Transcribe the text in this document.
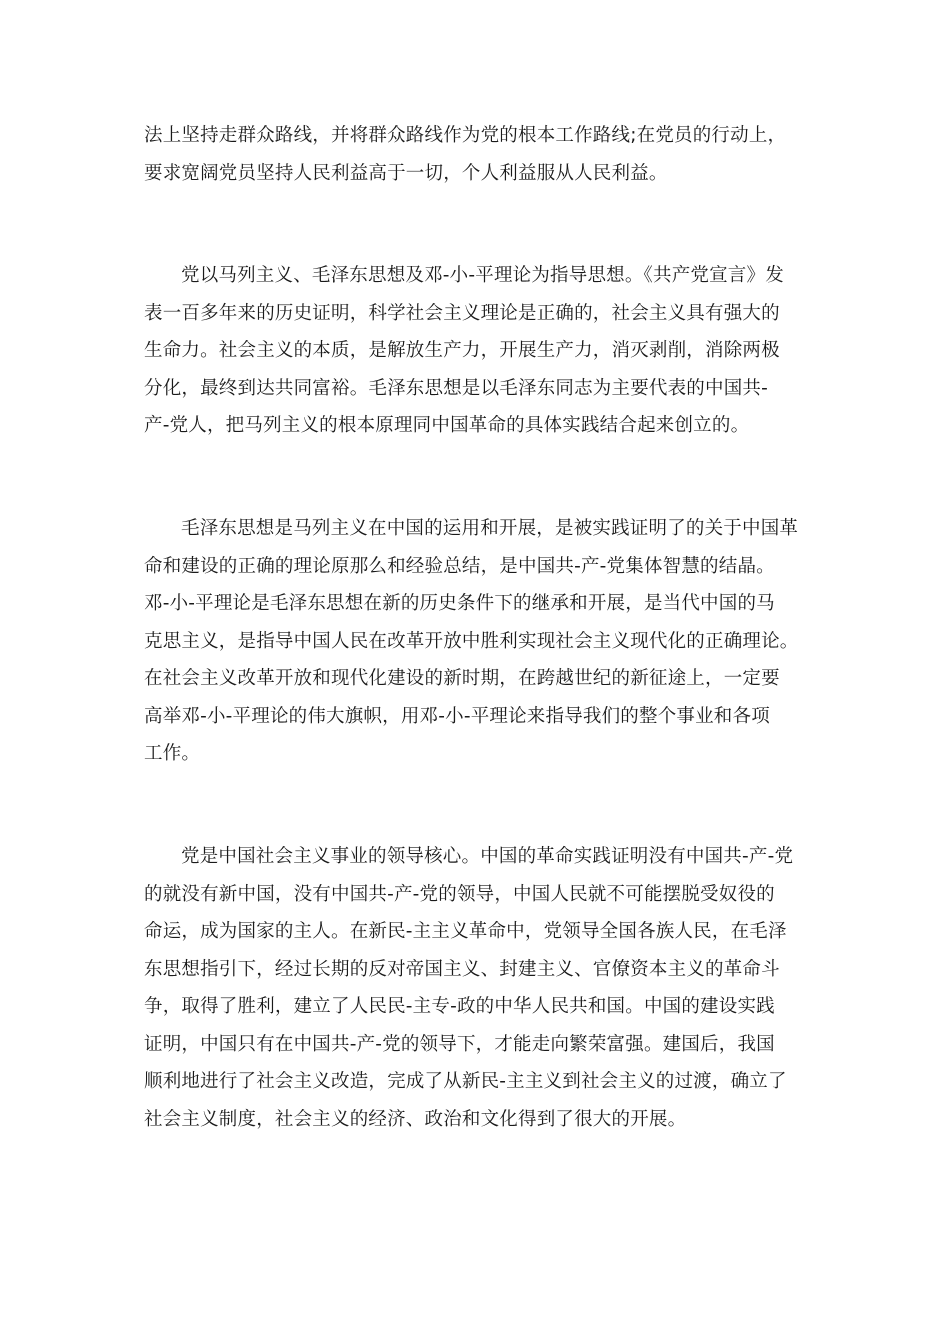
法上坚持走群众路线，并将群众路线作为党的根本工作路线;在党员的行动上，
要求宽阔党员坚持人民利益高于一切，个人利益服从人民利益。
党以马列主义、毛泽东思想及邓-小-平理论为指导思想。《共产党宣言》发
表一百多年来的历史证明，科学社会主义理论是正确的，社会主义具有强大的
生命力。社会主义的本质，是解放生产力，开展生产力，消灭剥削，消除两极
分化，最终到达共同富裕。毛泽东思想是以毛泽东同志为主要代表的中国共-
产-党人，把马列主义的根本原理同中国革命的具体实践结合起来创立的。
毛泽东思想是马列主义在中国的运用和开展，是被实践证明了的关于中国革
命和建设的正确的理论原那么和经验总结，是中国共-产-党集体智慧的结晶。
邓-小-平理论是毛泽东思想在新的历史条件下的继承和开展，是当代中国的马
克思主义，是指导中国人民在改革开放中胜利实现社会主义现代化的正确理论。
在社会主义改革开放和现代化建设的新时期，在跨越世纪的新征途上，一定要
高举邓-小-平理论的伟大旗帜，用邓-小-平理论来指导我们的整个事业和各项
工作。
党是中国社会主义事业的领导核心。中国的革命实践证明没有中国共-产-党
的就没有新中国，没有中国共-产-党的领导，中国人民就不可能摆脱受奴役的
命运，成为国家的主人。在新民-主主义革命中，党领导全国各族人民，在毛泽
东思想指引下，经过长期的反对帝国主义、封建主义、官僚资本主义的革命斗
争，取得了胜利，建立了人民民-主专-政的中华人民共和国。中国的建设实践
证明，中国只有在中国共-产-党的领导下，才能走向繁荣富强。建国后，我国
顺利地进行了社会主义改造，完成了从新民-主主义到社会主义的过渡，确立了
社会主义制度，社会主义的经济、政治和文化得到了很大的开展。
